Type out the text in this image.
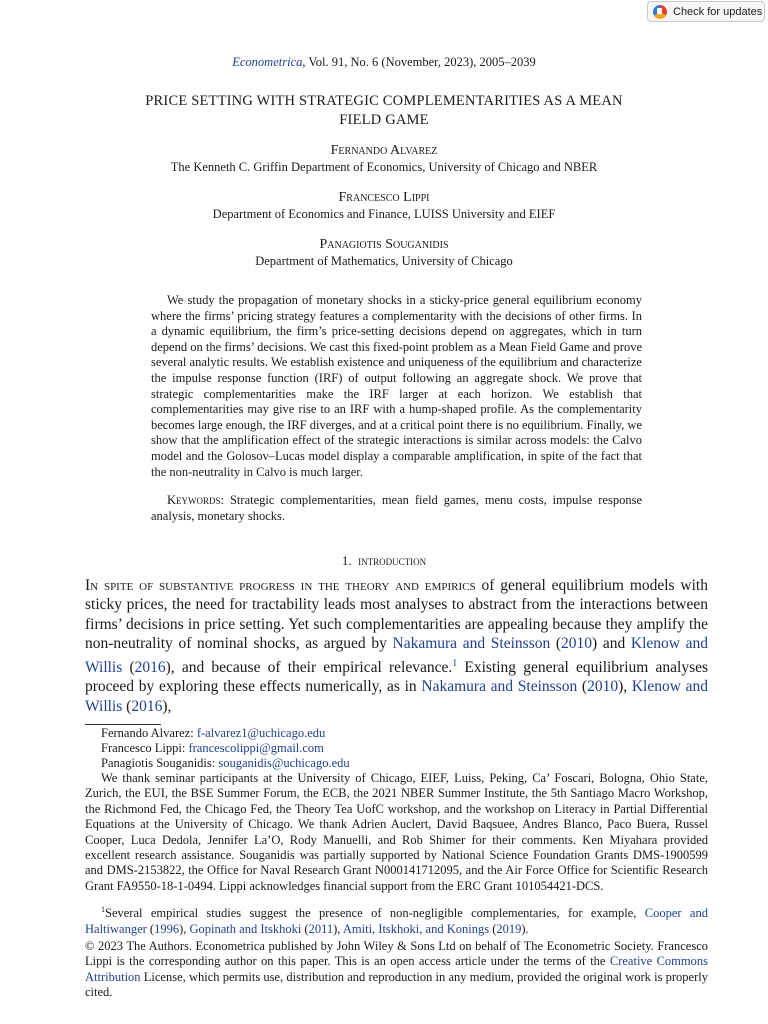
Check for updates
Econometrica, Vol. 91, No. 6 (November, 2023), 2005–2039
PRICE SETTING WITH STRATEGIC COMPLEMENTARITIES AS A MEAN
FIELD GAME
Fernando Alvarez
The Kenneth C. Griffin Department of Economics, University of Chicago and NBER
Francesco Lippi
Department of Economics and Finance, LUISS University and EIEF
Panagiotis Souganidis
Department of Mathematics, University of Chicago
We study the propagation of monetary shocks in a sticky-price general equilibrium economy where the firms’ pricing strategy features a complementarity with the decisions of other firms. In a dynamic equilibrium, the firm’s price-setting decisions depend on aggregates, which in turn depend on the firms’ decisions. We cast this fixed-point problem as a Mean Field Game and prove several analytic results. We establish existence and uniqueness of the equilibrium and characterize the impulse response function (IRF) of output following an aggregate shock. We prove that strategic complementarities make the IRF larger at each horizon. We establish that complementarities may give rise to an IRF with a hump-shaped profile. As the complementarity becomes large enough, the IRF diverges, and at a critical point there is no equilibrium. Finally, we show that the amplification effect of the strategic interactions is similar across models: the Calvo model and the Golosov–Lucas model display a comparable amplification, in spite of the fact that the non-neutrality in Calvo is much larger.
Keywords: Strategic complementarities, mean field games, menu costs, impulse response analysis, monetary shocks.
1. introduction
In spite of substantive progress in the theory and empirics of general equilibrium models with sticky prices, the need for tractability leads most analyses to abstract from the interactions between firms’ decisions in price setting. Yet such complementarities are appealing because they amplify the non-neutrality of nominal shocks, as argued by Nakamura and Steinsson (2010) and Klenow and Willis (2016), and because of their empirical relevance.$^1$ Existing general equilibrium analyses proceed by exploring these effects numerically, as in Nakamura and Steinsson (2010), Klenow and Willis (2016),
Fernando Alvarez: f-alvarez1@uchicago.edu
Francesco Lippi: francescolippi@gmail.com
Panagiotis Souganidis: souganidis@uchicago.edu
We thank seminar participants at the University of Chicago, EIEF, Luiss, Peking, Ca’ Foscari, Bologna, Ohio State, Zurich, the EUI, the BSE Summer Forum, the ECB, the 2021 NBER Summer Institute, the 5th Santiago Macro Workshop, the Richmond Fed, the Chicago Fed, the Theory Tea UofC workshop, and the workshop on Literacy in Partial Differential Equations at the University of Chicago. We thank Adrien Auclert, David Baqsuee, Andres Blanco, Paco Buera, Russel Cooper, Luca Dedola, Jennifer La’O, Rody Manuelli, and Rob Shimer for their comments. Ken Miyahara provided excellent research assistance. Souganidis was partially supported by National Science Foundation Grants DMS-1900599 and DMS-2153822, the Office for Naval Research Grant N000141712095, and the Air Force Office for Scientific Research Grant FA9550-18-1-0494. Lippi acknowledges financial support from the ERC Grant 101054421-DCS.
$^1$Several empirical studies suggest the presence of non-negligible complementaries, for example, Cooper and Haltiwanger (1996), Gopinath and Itskhoki (2011), Amiti, Itskhoki, and Konings (2019).
© 2023 The Authors. Econometrica published by John Wiley & Sons Ltd on behalf of The Econometric Society. Francesco Lippi is the corresponding author on this paper. This is an open access article under the terms of the Creative Commons Attribution License, which permits use, distribution and reproduction in any medium, provided the original work is properly cited.
